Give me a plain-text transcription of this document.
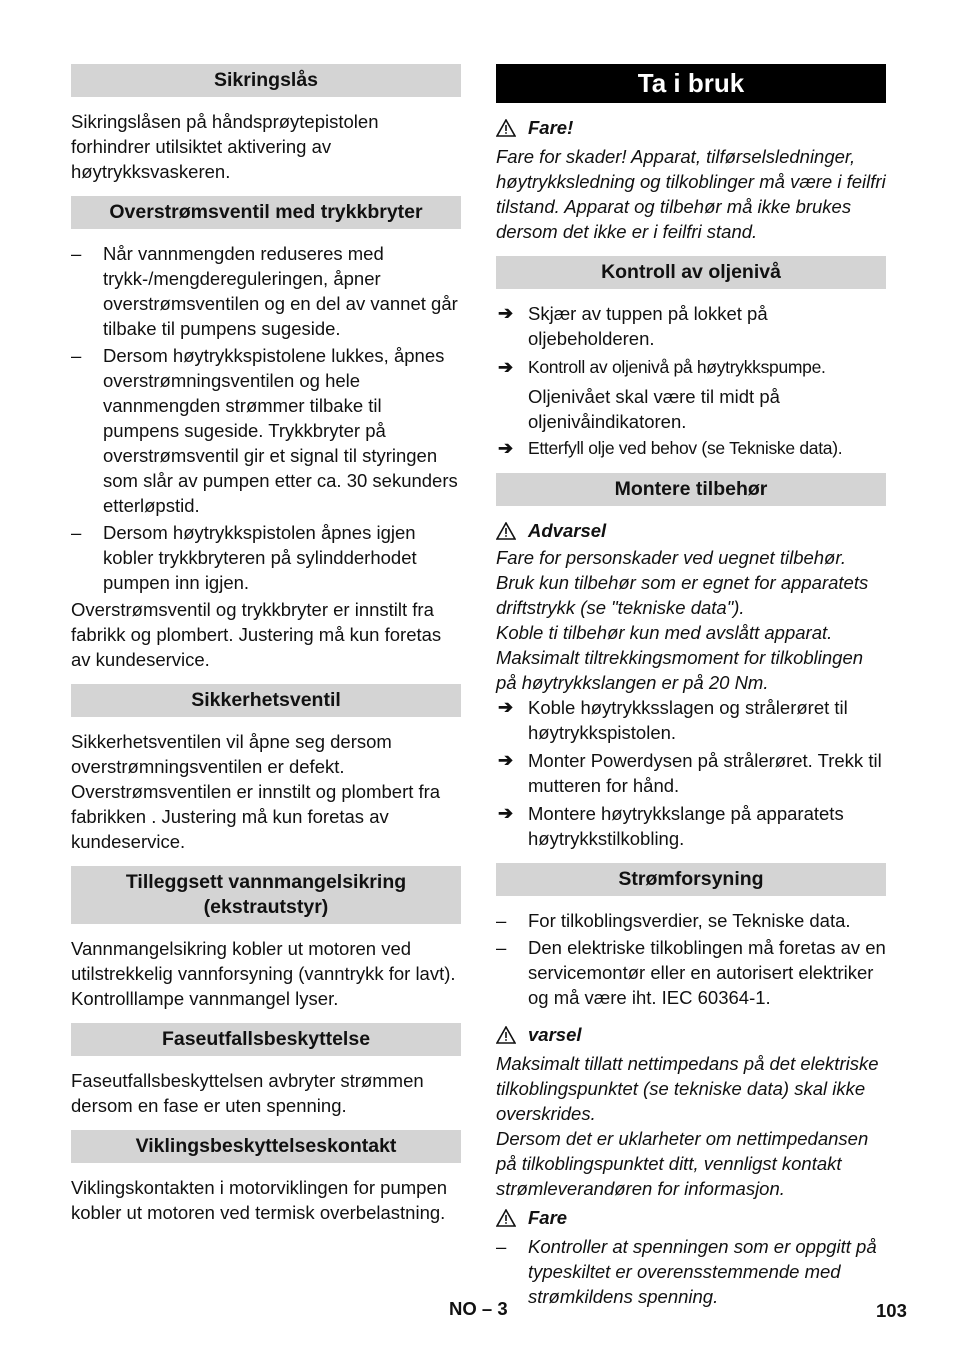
Sikringslås

Sikringslåsen på håndsprøytepistolen forhindrer utilsiktet aktivering av høytrykksvaskeren.

Overstrømsventil med trykkbryter
–	Når vannmengden reduseres med trykk-/mengdereguleringen, åpner overstrømsventilen og en del av vannet går tilbake til pumpens sugeside.
–	Dersom høytrykkspistolene lukkes, åpnes overstrømningsventilen og hele vannmengden strømmer tilbake til pumpens sugeside. Trykkbryter på overstrømsventil gir et signal til styringen som slår av pumpen etter ca. 30 sekunders etterløpstid.
–	Dersom høytrykkspistolen åpnes igjen kobler trykkbryteren på sylindderhodet pumpen inn igjen.

Overstrømsventil og trykkbryter er innstilt fra fabrikk og plombert. Justering må kun foretas av kundeservice.

Sikkerhetsventil

Sikkerhetsventilen vil åpne seg dersom overstrømningsventilen er defekt. Overstrømsventilen er innstilt og plombert fra fabrikken . Justering må kun foretas av kundeservice.

Tilleggsett vannmangelsikring (ekstrautstyr)

Vannmangelsikring kobler ut motoren ved utilstrekkelig vannforsyning (vanntrykk for lavt).

Kontrolllampe vannmangel lyser.

Faseutfallsbeskyttelse

Faseutfallsbeskyttelsen avbryter strømmen dersom en fase er uten spenning.

Viklingsbeskyttelseskontakt

Viklingskontakten i motorviklingen for pumpen kobler ut motoren ved termisk overbelastning.

Ta i bruk
Fare!

Fare for skader! Apparat, tilførselsledninger, høytrykksledning og tilkoblinger må være i feilfri tilstand. Apparat og tilbehør må ikke brukes dersom det ikke er i feilfri stand.

Kontroll av oljenivå
➔ Skjær av tuppen på lokket på oljebeholderen.
➔ Kontroll av oljenivå på høytrykkspumpe.

Oljenivået skal være til midt på oljenivåindikatoren.

➔ Etterfyll olje ved behov (se Tekniske data).
Montere tilbehør
Advarsel

Fare for personskader ved uegnet tilbehør. Bruk kun tilbehør som er egnet for apparatets driftstrykk (se "tekniske data").

Koble ti tilbehør kun med avslått apparat.

Maksimalt tiltrekkingsmoment for tilkoblingen på høytrykkslangen er på 20 Nm.

➔ Koble høytrykksslagen og strålerøret til høytrykkspistolen.
➔ Monter Powerdysen på strålerøret. Trekk til mutteren for hånd.
➔ Montere høytrykkslange på apparatets høytrykkstilkobling.
Strømforsyning
–	For tilkoblingsverdier, se Tekniske data.
–	Den elektriske tilkoblingen må foretas av en servicemontør eller en autorisert elektriker og må være iht. IEC 60364-1.
varsel

Maksimalt tillatt nettimpedans på det elektriske tilkoblingspunktet (se tekniske data) skal ikke overskrides.

Dersom det er uklarheter om nettimpedansen på tilkoblingspunktet ditt, vennligst kontakt strømleverandøren for informasjon.

Fare
–	Kontroller at spenningen som er oppgitt på typeskiltet er overensstemmende med strømkildens spenning.
NO – 3	103
